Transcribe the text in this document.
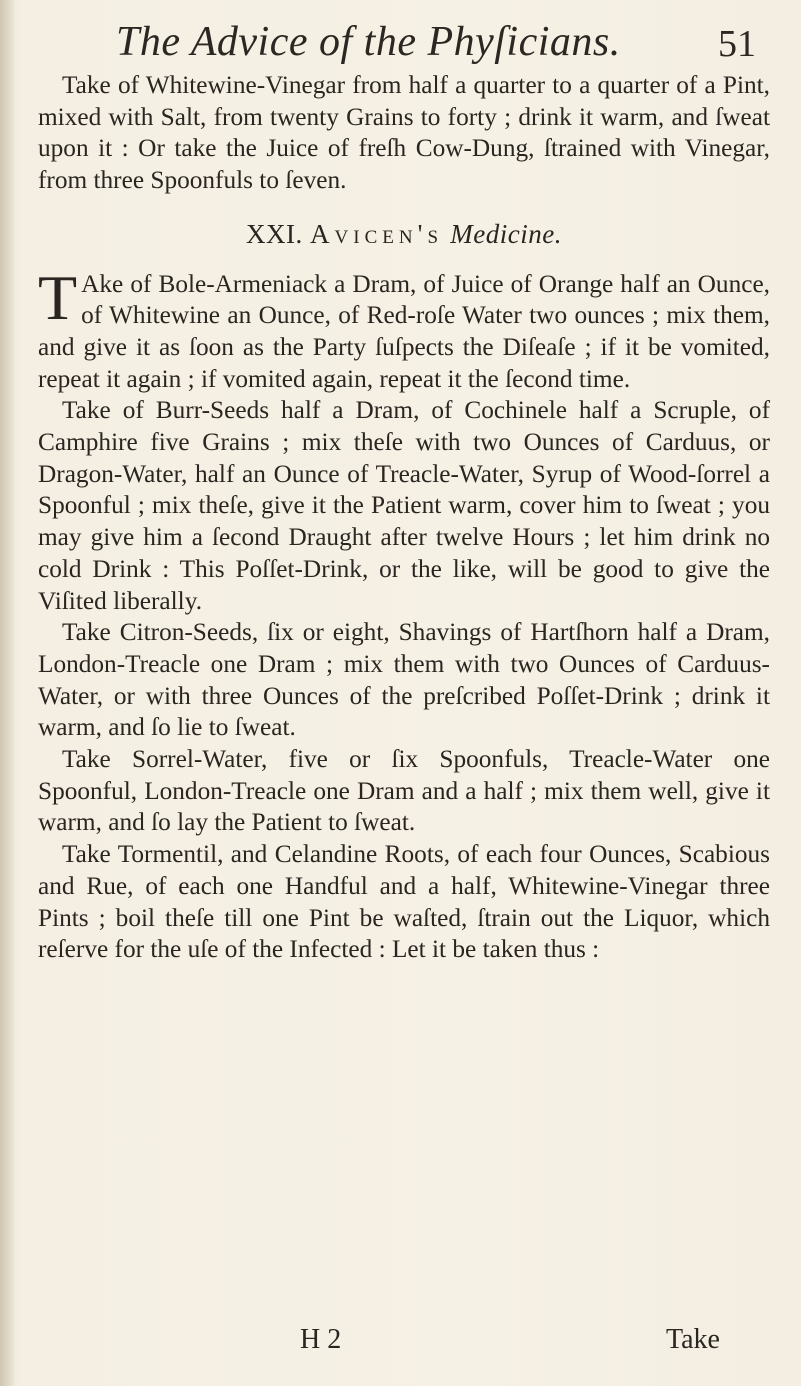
The Advice of the Phyſicians.	51

Take of Whitewine-Vinegar from half a quarter to a quarter of a Pint, mixed with Salt, from twenty Grains to forty ; drink it warm, and ſweat upon it : Or take the Juice of freſh Cow-Dung, ſtrained with Vinegar, from three Spoonfuls to ſeven.

XXI. Avicen's Medicine.

T Ake of Bole-Armeniack a Dram, of Juice of Orange half an Ounce, of Whitewine an Ounce, of Red-roſe Water two ounces ; mix them, and give it as ſoon as the Party ſuſpects the Diſeaſe ; if it be vomited, repeat it again ; if vomited again, repeat it the ſecond time.

Take of Burr-Seeds half a Dram, of Cochinele half a Scruple, of Camphire five Grains ; mix theſe with two Ounces of Carduus, or Dragon-Water, half an Ounce of Treacle-Water, Syrup of Wood-ſorrel a Spoonful ; mix theſe, give it the Patient warm, cover him to ſweat ; you may give him a ſecond Draught after twelve Hours ; let him drink no cold Drink : This Poſſet-Drink, or the like, will be good to give the Viſited liberally.

Take Citron-Seeds, ſix or eight, Shavings of Hartſhorn half a Dram, London-Treacle one Dram ; mix them with two Ounces of Carduus-Water, or with three Ounces of the preſcribed Poſſet-Drink ; drink it warm, and ſo lie to ſweat.

Take Sorrel-Water, five or ſix Spoonfuls, Treacle-Water one Spoonful, London-Treacle one Dram and a half ; mix them well, give it warm, and ſo lay the Patient to ſweat.

Take Tormentil, and Celandine Roots, of each four Ounces, Scabious and Rue, of each one Handful and a half, Whitewine-Vinegar three Pints ; boil theſe till one Pint be waſted, ſtrain out the Liquor, which reſerve for the uſe of the Infected : Let it be taken thus :

H 2	Take
